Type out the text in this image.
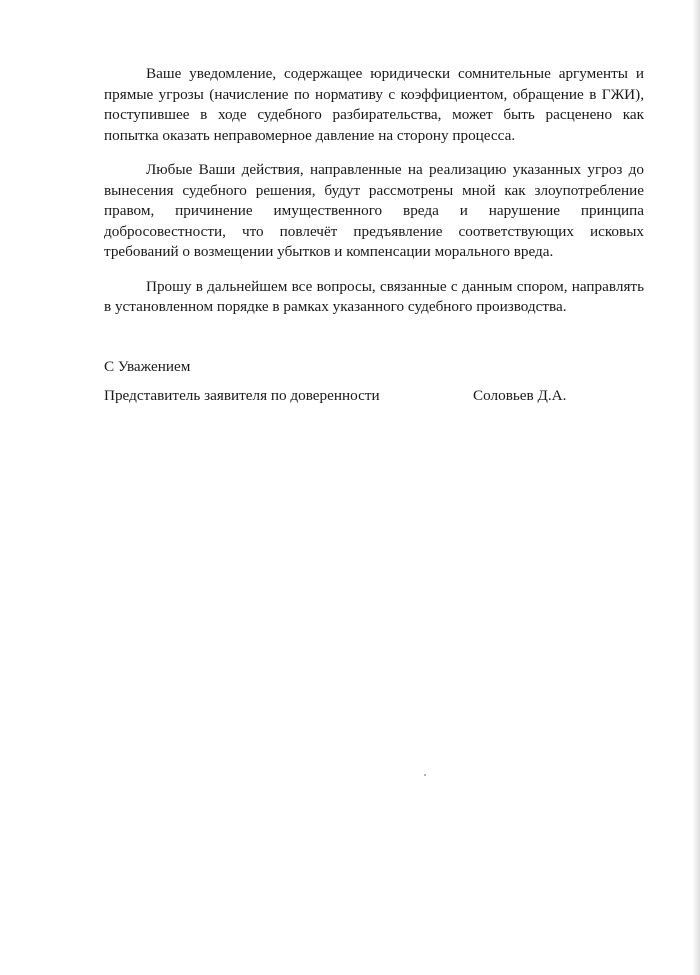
Ваше уведомление, содержащее юридически сомнительные аргументы и прямые угрозы (начисление по нормативу с коэффициентом, обращение в ГЖИ), поступившее в ходе судебного разбирательства, может быть расценено как попытка оказать неправомерное давление на сторону процесса.

Любые Ваши действия, направленные на реализацию указанных угроз до вынесения судебного решения, будут рассмотрены мной как злоупотребление правом, причинение имущественного вреда и нарушение принципа добросовестности, что повлечёт предъявление соответствующих исковых требований о возмещении убытков и компенсации морального вреда.

Прошу в дальнейшем все вопросы, связанные с данным спором, направлять в установленном порядке в рамках указанного судебного производства.

С Уважением

Представитель заявителя по доверенности	Соловьев Д.А.
